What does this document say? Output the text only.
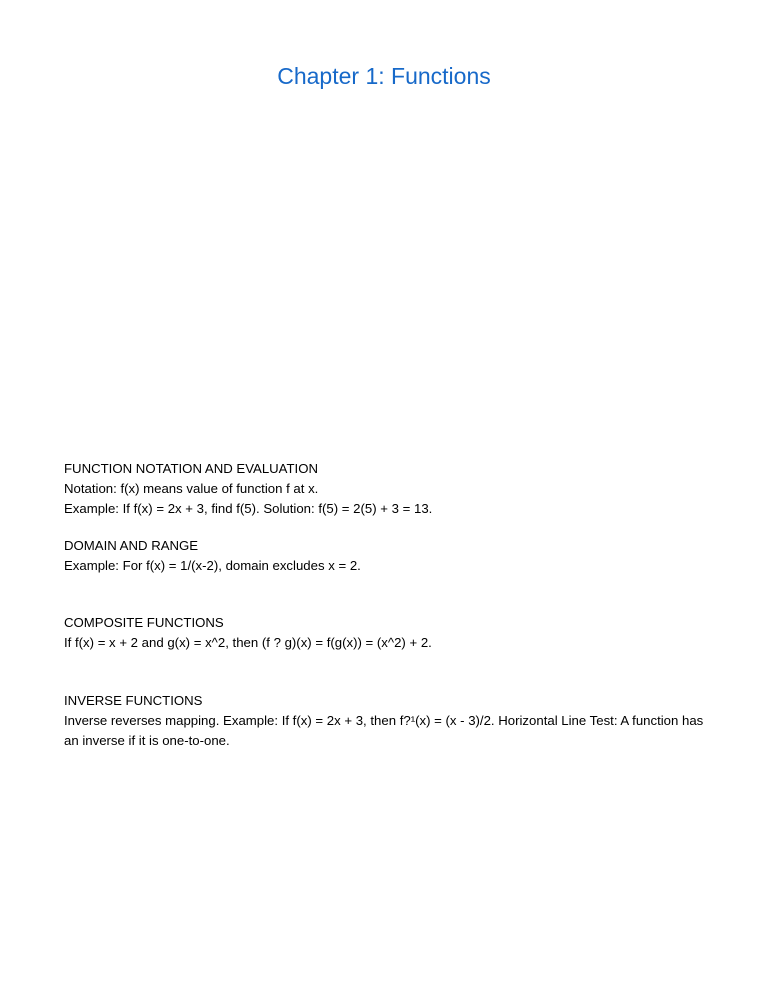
Chapter 1: Functions

FUNCTION NOTATION AND EVALUATION

Notation: f(x) means value of function f at x.

Example: If f(x) = 2x + 3, find f(5). Solution: f(5) = 2(5) + 3 = 13.

DOMAIN AND RANGE

Example: For f(x) = 1/(x-2), domain excludes x = 2.

COMPOSITE FUNCTIONS

If f(x) = x + 2 and g(x) = x^2, then (f ? g)(x) = f(g(x)) = (x^2) + 2.

INVERSE FUNCTIONS

Inverse reverses mapping. Example: If f(x) = 2x + 3, then f?¹(x) = (x - 3)/2. Horizontal Line Test: A function has an inverse if it is one-to-one.
